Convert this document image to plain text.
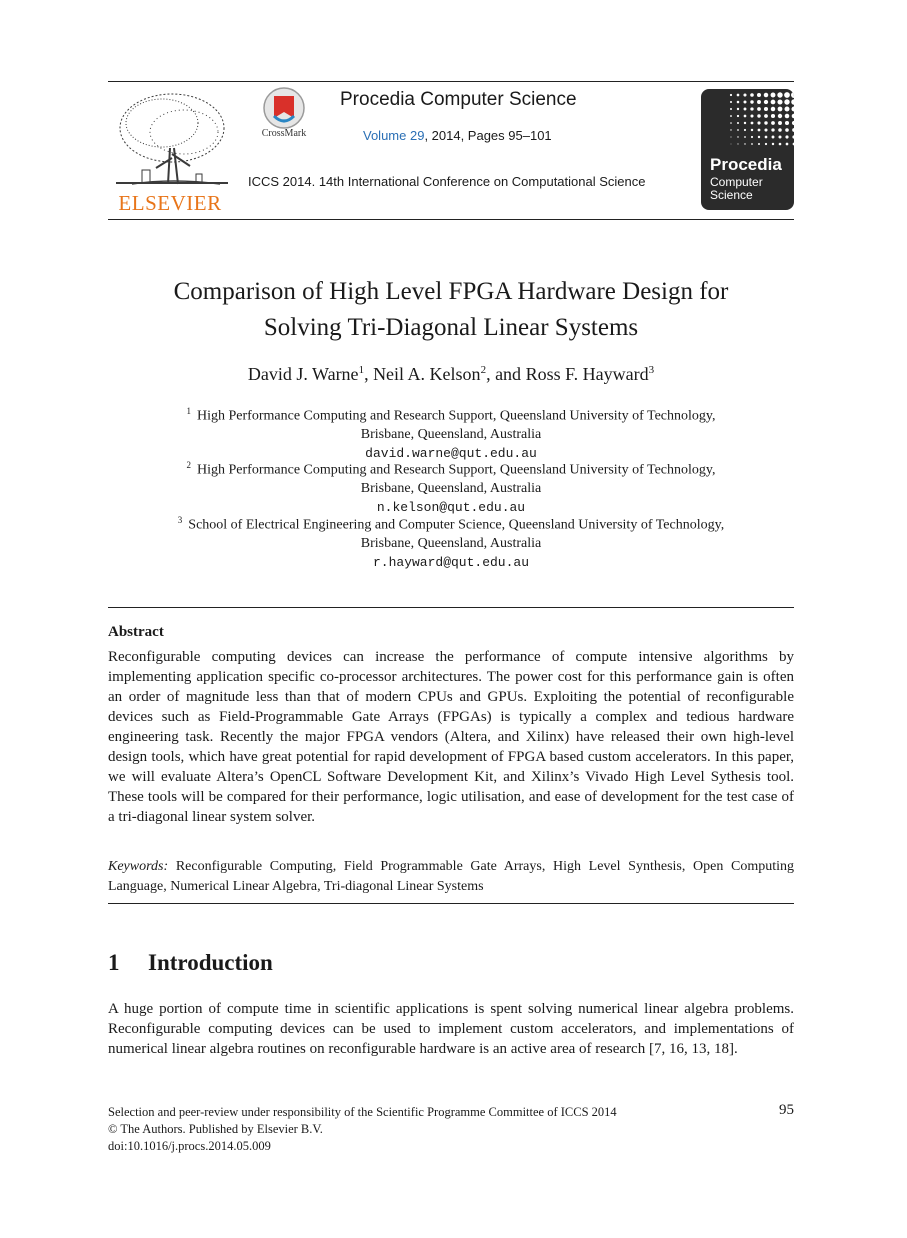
ELSEVIER
CrossMark
Procedia Computer Science
Volume 29, 2014, Pages 95–101
ICCS 2014. 14th International Conference on Computational Science
Procedia
Computer
Science
Comparison of High Level FPGA Hardware Design for
Solving Tri-Diagonal Linear Systems
David J. Warne$^1$, Neil A. Kelson$^2$, and Ross F. Hayward$^3$
$^1$ High Performance Computing and Research Support, Queensland University of Technology,
Brisbane, Queensland, Australia
david.warne@qut.edu.au
$^2$ High Performance Computing and Research Support, Queensland University of Technology,
Brisbane, Queensland, Australia
n.kelson@qut.edu.au
$^3$ School of Electrical Engineering and Computer Science, Queensland University of Technology,
Brisbane, Queensland, Australia
r.hayward@qut.edu.au
Abstract

Reconfigurable computing devices can increase the performance of compute intensive algorithms by implementing application specific co-processor architectures. The power cost for this performance gain is often an order of magnitude less than that of modern CPUs and GPUs. Exploiting the potential of reconfigurable devices such as Field-Programmable Gate Arrays (FPGAs) is typically a complex and tedious hardware engineering task. Recently the major FPGA vendors (Altera, and Xilinx) have released their own high-level design tools, which have great potential for rapid development of FPGA based custom accelerators. In this paper, we will evaluate Altera’s OpenCL Software Development Kit, and Xilinx’s Vivado High Level Sythesis tool. These tools will be compared for their performance, logic utilisation, and ease of development for the test case of a tri-diagonal linear system solver.

Keywords: Reconfigurable Computing, Field Programmable Gate Arrays, High Level Synthesis, Open Computing Language, Numerical Linear Algebra, Tri-diagonal Linear Systems

1 Introduction

A huge portion of compute time in scientific applications is spent solving numerical linear algebra problems. Reconfigurable computing devices can be used to implement custom accelerators, and implementations of numerical linear algebra routines on reconfigurable hardware is an active area of research [7, 16, 13, 18].

Selection and peer-review under responsibility of the Scientific Programme Committee of ICCS 2014
© The Authors. Published by Elsevier B.V.
doi:10.1016/j.procs.2014.05.009
95
